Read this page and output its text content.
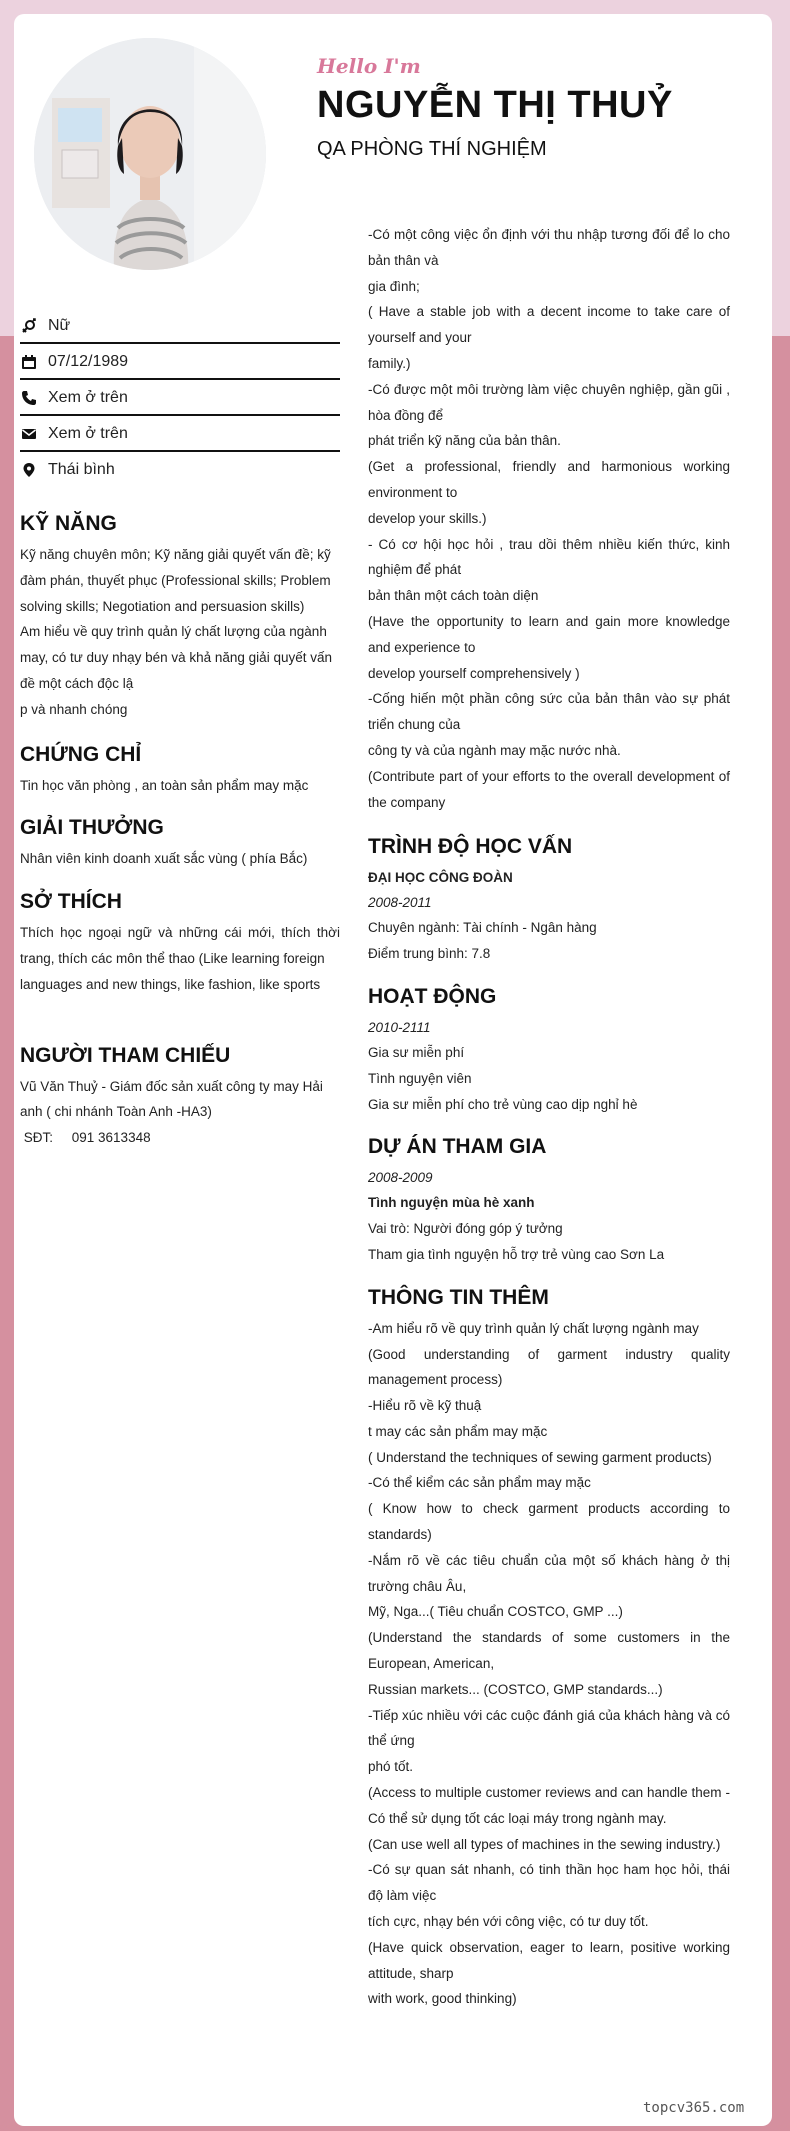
Hello I'm
NGUYỄN THỊ THUỶ
QA PHÒNG THÍ NGHIỆM
Nữ
07/12/1989
Xem ở trên
Xem ở trên
Thái bình
KỸ NĂNG
Kỹ năng chuyên môn; Kỹ năng giải quyết vấn đề; kỹ đàm phán, thuyết phục (Professional skills; Problem solving skills; Negotiation and persuasion skills)
Am hiểu về quy trình quản lý chất lượng của ngành may, có tư duy nhạy bén và khả năng giải quyết vấn đề một cách độc lậ
p và nhanh chóng
CHỨNG CHỈ
Tin học văn phòng , an toàn sản phẩm may mặc
GIẢI THƯỞNG
Nhân viên kinh doanh xuất sắc vùng ( phía Bắc)
SỞ THÍCH
Thích học ngoại ngữ và những cái mới, thích thời trang, thích các môn thể thao (Like learning foreign
languages and new things, like fashion, like sports
NGƯỜI THAM CHIẾU
Vũ Văn Thuỷ - Giám đốc sản xuất công ty may Hải anh ( chi nhánh Toàn Anh -HA3)
SĐT:     091 3613348
-Có một công việc ổn định với thu nhập tương đối để lo cho bản thân và
gia đình;
( Have a stable job with a decent income to take care of yourself and your
family.)
-Có được một môi trường làm việc chuyên nghiệp, gần gũi , hòa đồng để
phát triển kỹ năng của bản thân.
(Get a professional, friendly and harmonious working environment to
develop your skills.)
- Có cơ hội học hỏi , trau dồi thêm nhiều kiến thức, kinh nghiệm để phát
bản thân một cách toàn diện
(Have the opportunity to learn and gain more knowledge and experience to
develop yourself comprehensively )
-Cống hiến một phần công sức của bản thân vào sự phát triển chung của
công ty và của ngành may mặc nước nhà.
(Contribute part of your efforts to the overall development of the company
TRÌNH ĐỘ HỌC VẤN
ĐẠI HỌC CÔNG ĐOÀN
2008-2011
Chuyên ngành: Tài chính - Ngân hàng
Điểm trung bình: 7.8
HOẠT ĐỘNG
2010-2111
Gia sư miễn phí
Tình nguyện viên
Gia sư miễn phí cho trẻ vùng cao dịp nghỉ hè
DỰ ÁN THAM GIA
2008-2009
Tình nguyện mùa hè xanh
Vai trò: Người đóng góp ý tưởng
Tham gia tình nguyện hỗ trợ trẻ vùng cao Sơn La
THÔNG TIN THÊM
-Am hiểu rõ về quy trình quản lý chất lượng ngành may
(Good understanding of garment industry quality management process)
-Hiểu rõ về kỹ thuậ
t may các sản phẩm may mặc
( Understand the techniques of sewing garment products)
-Có thể kiểm các sản phẩm may mặc
( Know how to check garment products according to standards)
-Nắm rõ về các tiêu chuẩn của một số khách hàng ở thị trường châu Âu,
Mỹ, Nga...( Tiêu chuẩn COSTCO, GMP ...)
(Understand the standards of some customers in the European, American,
Russian markets... (COSTCO, GMP standards...)
-Tiếp xúc nhiều với các cuộc đánh giá của khách hàng và có thể ứng
phó tốt.
(Access to multiple customer reviews and can handle them -Có thể sử dụng tốt các loại máy trong ngành may.
(Can use well all types of machines in the sewing industry.)
-Có sự quan sát nhanh, có tinh thần học ham học hỏi, thái độ làm việc
tích cực, nhạy bén với công việc, có tư duy tốt.
(Have quick observation, eager to learn, positive working attitude, sharp
with work, good thinking)
topcv365.com
